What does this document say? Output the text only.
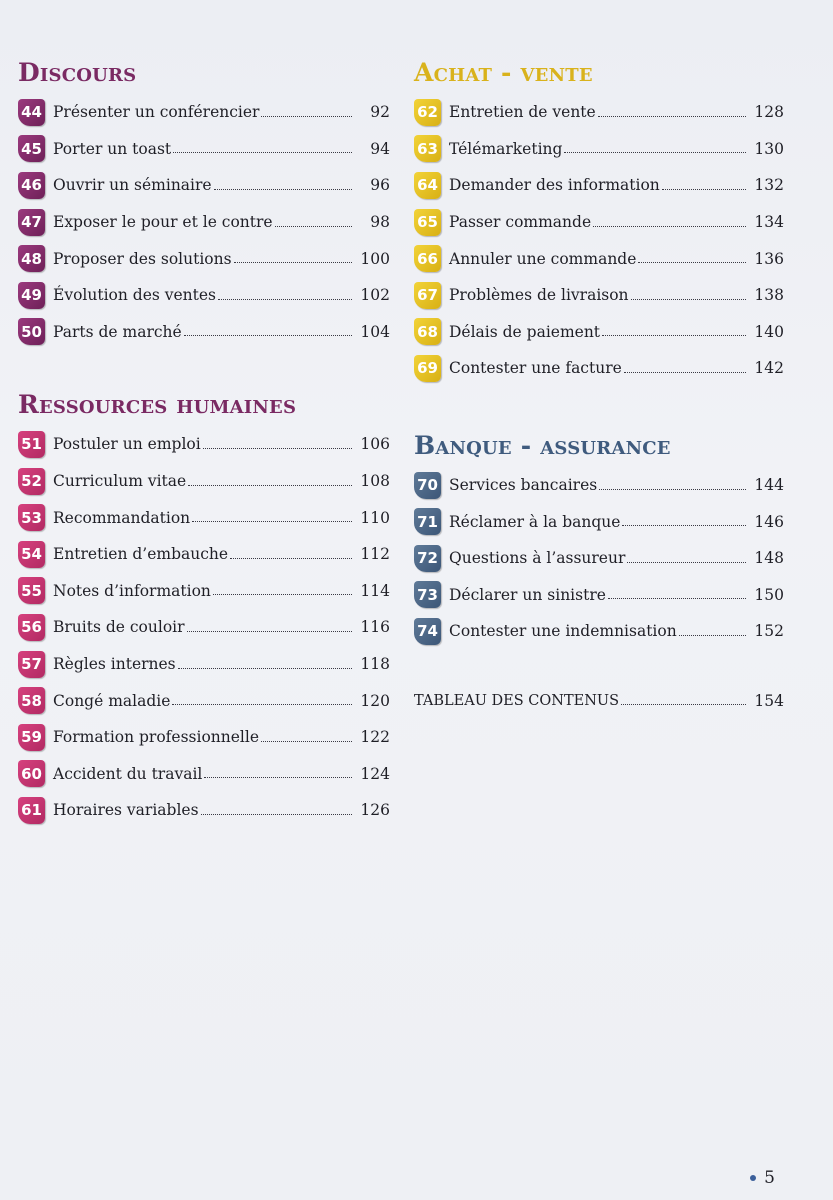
Discours
44 Présenter un conférencier	92
45 Porter un toast	94
46 Ouvrir un séminaire	96
47 Exposer le pour et le contre	98
48 Proposer des solutions	100
49 Évolution des ventes	102
50 Parts de marché	104
Ressources humaines
51 Postuler un emploi	106
52 Curriculum vitae	108
53 Recommandation	110
54 Entretien d’embauche	112
55 Notes d’information	114
56 Bruits de couloir	116
57 Règles internes	118
58 Congé maladie	120
59 Formation professionnelle	122
60 Accident du travail	124
61 Horaires variables	126
Achat - vente
62 Entretien de vente	128
63 Télémarketing	130
64 Demander des information	132
65 Passer commande	134
66 Annuler une commande	136
67 Problèmes de livraison	138
68 Délais de paiement	140
69 Contester une facture	142
Banque - assurance
70 Services bancaires	144
71 Réclamer à la banque	146
72 Questions à l’assureur	148
73 Déclarer un sinistre	150
74 Contester une indemnisation	152
TABLEAU DES CONTENUS	154
5
